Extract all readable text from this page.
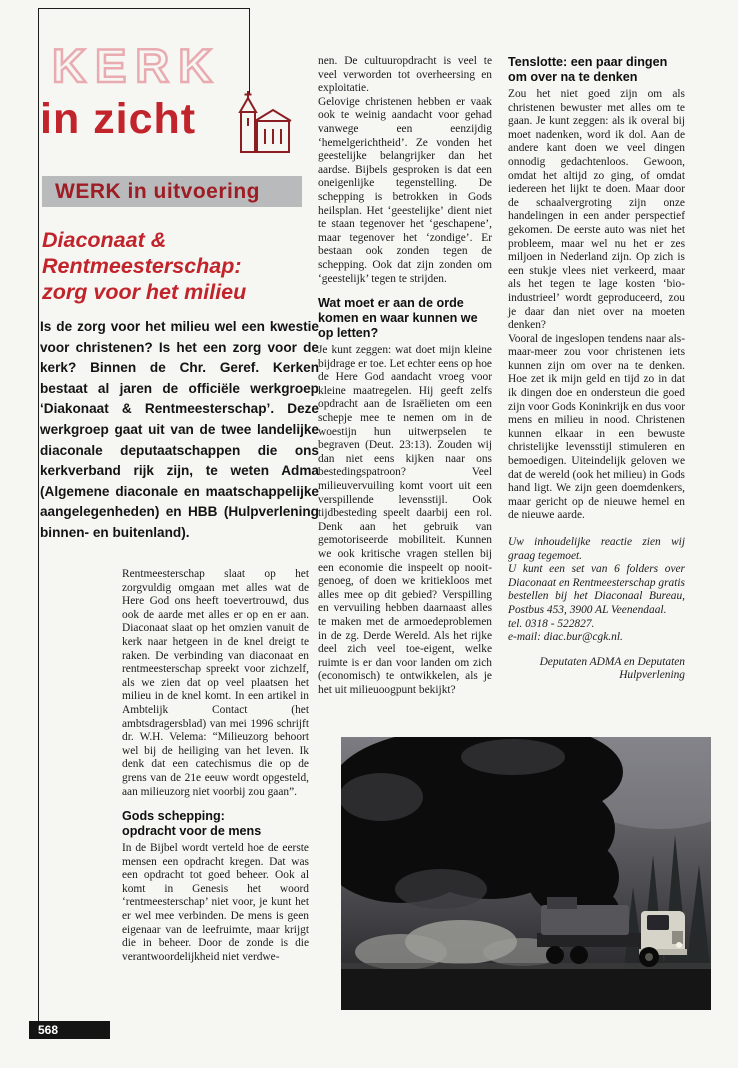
KERK
in zicht
WERK in uitvoering
Diaconaat & Rentmeesterschap:
zorg voor het milieu

Is de zorg voor het milieu wel een kwestie voor christenen? Is het een zorg voor de kerk? Binnen de Chr. Geref. Kerken bestaat al jaren de officiële werkgroep ‘Diakonaat & Rentmeesterschap’. Deze werkgroep gaat uit van de twee landelijke diaconale deputaatschappen die ons kerkverband rijk zijn, te weten Adma (Algemene diaconale en maatschappelijke aangelegenheden) en HBB (Hulpverlening binnen- en buitenland).

Rentmeesterschap slaat op het zorgvuldig omgaan met alles wat de Here God ons heeft toevertrouwd, dus ook de aarde met alles er op en er aan. Diaconaat slaat op het omzien vanuit de kerk naar hetgeen in de knel dreigt te raken. De verbinding van diaconaat en rentmeesterschap spreekt voor zichzelf, als we zien dat op veel plaatsen het milieu in de knel komt. In een artikel in Ambtelijk Contact (het ambtsdragersblad) van mei 1996 schrijft dr. W.H. Velema: “Milieuzorg behoort wel bij de heiliging van het leven. Ik denk dat een catechismus die op de grens van de 21e eeuw wordt opgesteld, aan milieuzorg niet voorbij zou gaan”.

Gods schepping:
opdracht voor de mens

In de Bijbel wordt verteld hoe de eerste mensen een opdracht kregen. Dat was een opdracht tot goed beheer. Ook al komt in Genesis het woord ‘rentmeesterschap’ niet voor, je kunt het er wel mee verbinden. De mens is geen eigenaar van de leefruimte, maar krijgt die in beheer. Door de zonde is die verantwoordelijkheid niet verdwe-

nen. De cultuuropdracht is veel te veel verworden tot overheersing en exploitatie.

Gelovige christenen hebben er vaak ook te weinig aandacht voor gehad vanwege een eenzijdig ‘hemelgerichtheid’. Ze vonden het geestelijke belangrijker dan het aardse. Bijbels gesproken is dat een oneigenlijke tegenstelling. De schepping is betrokken in Gods heilsplan. Het ‘geestelijke’ dient niet te staan tegenover het ‘geschapene’, maar tegenover het ‘zondige’. Er bestaan ook zonden tegen de schepping. Ook dat zijn zonden om ‘geestelijk’ tegen te strijden.

Wat moet er aan de orde komen en waar kunnen we op letten?

Je kunt zeggen: wat doet mijn kleine bijdrage er toe. Let echter eens op hoe de Here God aandacht vroeg voor kleine maatregelen. Hij geeft zelfs opdracht aan de Israëlieten om een schepje mee te nemen om in de woestijn hun uitwerpselen te begraven (Deut. 23:13). Zouden wij dan niet eens kijken naar ons bestedingspatroon? Veel milieuvervuiling komt voort uit een verspillende levensstijl. Ook tijdbesteding speelt daarbij een rol. Denk aan het gebruik van gemotoriseerde mobiliteit. Kunnen we ook kritische vragen stellen bij een economie die inspeelt op nooit-genoeg, of doen we kritiekloos met alles mee op dit gebied? Verspilling en vervuiling hebben daarnaast alles te maken met de armoedeproblemen in de zg. Derde Wereld. Als het rijke deel zich veel toe-eigent, welke ruimte is er dan voor landen om zich (economisch) te ontwikkelen, als je het uit milieuoogpunt bekijkt?

Tenslotte: een paar dingen om over na te denken

Zou het niet goed zijn om als christenen bewuster met alles om te gaan. Je kunt zeggen: als ik overal bij moet nadenken, word ik dol. Aan de andere kant doen we veel dingen onnodig gedachtenloos. Gewoon, omdat het altijd zo ging, of omdat iedereen het lijkt te doen. Maar door de schaalvergroting zijn onze handelingen in een ander perspectief gekomen. De eerste auto was niet het probleem, maar wel nu het er zes miljoen in Nederland zijn. Op zich is een stukje vlees niet verkeerd, maar als het tegen te lage kosten ‘bio-industrieel’ wordt geproduceerd, zou je daar dan niet over na moeten denken?

Vooral de ingeslopen tendens naar als-maar-meer zou voor christenen iets kunnen zijn om over na te denken. Hoe zet ik mijn geld en tijd zo in dat ik dingen doe en ondersteun die goed zijn voor Gods Koninkrijk en dus voor mens en milieu in nood. Christenen kunnen elkaar in een bewuste christelijke levensstijl stimuleren en bemoedigen. Uiteindelijk geloven we dat de wereld (ook het milieu) in Gods hand ligt. We zijn geen doemdenkers, maar gericht op de nieuwe hemel en de nieuwe aarde.

Uw inhoudelijke reactie zien wij graag tegemoet.

U kunt een set van 6 folders over Diaconaat en Rentmeesterschap gratis bestellen bij het Diaconaal Bureau, Postbus 453, 3900 AL Veenendaal.

tel. 0318 - 522827.

e-mail: diac.bur@cgk.nl.

Deputaten ADMA en Deputaten
Hulpverlening
568
